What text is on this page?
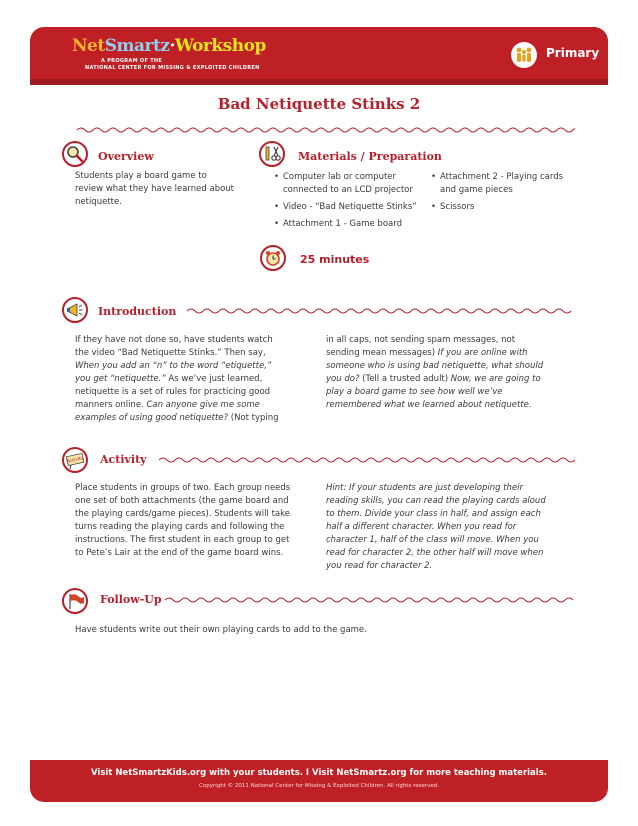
NetSmartz·Workshop
A PROGRAM OF THE
NATIONAL CENTER FOR MISSING & EXPLOITED CHILDREN
Primary
Bad Netiquette Stinks 2
Overview
Students play a board game to review what they have learned about netiquette.
Materials / Preparation
• Computer lab or computer connected to an LCD projector
• Video - “Bad Netiquette Stinks”
• Attachment 1 - Game board
• Attachment 2 - Playing cards and game pieces
• Scissors
25 minutes
Introduction
If they have not done so, have students watch the video “Bad Netiquette Stinks.” Then say, When you add an “n” to the word “etiquette,” you get “netiquette.” As we’ve just learned, netiquette is a set of rules for practicing good manners online. Can anyone give me some examples of using good netiquette? (Not typing
in all caps, not sending spam messages, not sending mean messages) If you are online with someone who is using bad netiquette, what should you do? (Tell a trusted adult) Now, we are going to play a board game to see how well we’ve remembered what we learned about netiquette.
Activity Activity
Place students in groups of two. Each group needs one set of both attachments (the game board and the playing cards/game pieces). Students will take turns reading the playing cards and following the instructions. The first student in each group to get to Pete’s Lair at the end of the game board wins.
Hint: If your students are just developing their reading skills, you can read the playing cards aloud to them. Divide your class in half, and assign each half a different character. When you read for character 1, half of the class will move. When you read for character 2, the other half will move when you read for character 2.
Follow-Up
Have students write out their own playing cards to add to the game.
Visit NetSmartzKids.org with your students. I Visit NetSmartz.org for more teaching materials.
Copyright © 2011 National Center for Missing & Exploited Children. All rights reserved.
